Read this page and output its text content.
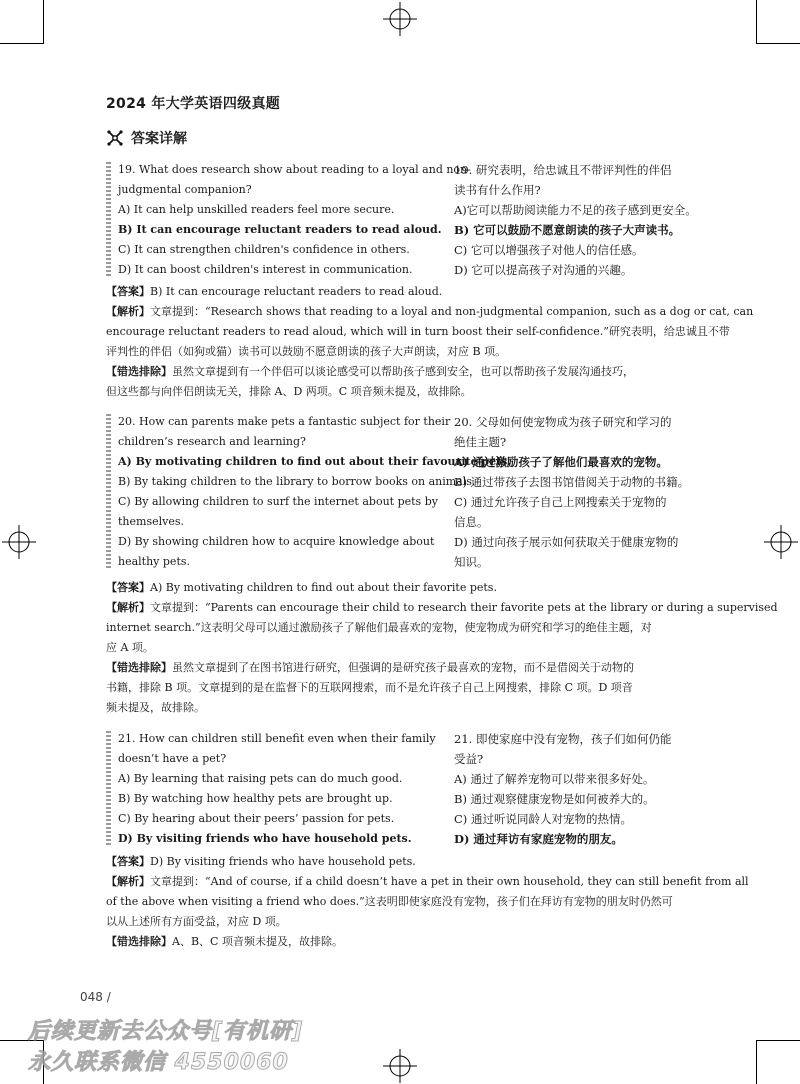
2024 年大学英语四级真题
答案详解
19. What does research show about reading to a loyal and non-
judgmental companion?
A) It can help unskilled readers feel more secure.
B) It can encourage reluctant readers to read aloud.
C) It can strengthen children's confidence in others.
D) It can boost children's interest in communication.
19. 研究表明，给忠诚且不带评判性的伴侣
读书有什么作用?
A)它可以帮助阅读能力不足的孩子感到更安全。
B) 它可以鼓励不愿意朗读的孩子大声读书。
C) 它可以增强孩子对他人的信任感。
D) 它可以提高孩子对沟通的兴趣。
【答案】B) It can encourage reluctant readers to read aloud.
【解析】文章提到：“Research shows that reading to a loyal and non-judgmental companion, such as a dog or cat, can
encourage reluctant readers to read aloud, which will in turn boost their self-confidence.”研究表明，给忠诚且不带
评判性的伴侣（如狗或猫）读书可以鼓励不愿意朗读的孩子大声朗读，对应 B 项。
【错选排除】虽然文章提到有一个伴侣可以谈论感受可以帮助孩子感到安全，也可以帮助孩子发展沟通技巧，
但这些都与向伴侣朗读无关，排除 A、D 两项。C 项音频未提及，故排除。
20. How can parents make pets a fantastic subject for their
children’s research and learning?
A) By motivating children to find out about their favourite pets.
B) By taking children to the library to borrow books on animals.
C) By allowing children to surf the internet about pets by
themselves.
D) By showing children how to acquire knowledge about
healthy pets.
20. 父母如何使宠物成为孩子研究和学习的
绝佳主题?
A) 通过激励孩子了解他们最喜欢的宠物。
B) 通过带孩子去图书馆借阅关于动物的书籍。
C) 通过允许孩子自己上网搜索关于宠物的
信息。
D) 通过向孩子展示如何获取关于健康宠物的
知识。
【答案】A) By motivating children to find out about their favorite pets.
【解析】文章提到：“Parents can encourage their child to research their favorite pets at the library or during a supervised
internet search.”这表明父母可以通过激励孩子了解他们最喜欢的宠物，使宠物成为研究和学习的绝佳主题，对
应 A 项。
【错选排除】虽然文章提到了在图书馆进行研究，但强调的是研究孩子最喜欢的宠物，而不是借阅关于动物的
书籍，排除 B 项。文章提到的是在监督下的互联网搜索，而不是允许孩子自己上网搜索，排除 C 项。D 项音
频未提及，故排除。
21. How can children still benefit even when their family
doesn’t have a pet?
A) By learning that raising pets can do much good.
B) By watching how healthy pets are brought up.
C) By hearing about their peers’ passion for pets.
D) By visiting friends who have household pets.
21. 即使家庭中没有宠物，孩子们如何仍能
受益?
A) 通过了解养宠物可以带来很多好处。
B) 通过观察健康宠物是如何被养大的。
C) 通过听说同龄人对宠物的热情。
D) 通过拜访有家庭宠物的朋友。
【答案】D) By visiting friends who have household pets.
【解析】文章提到：“And of course, if a child doesn’t have a pet in their own household, they can still benefit from all
of the above when visiting a friend who does.”这表明即使家庭没有宠物，孩子们在拜访有宠物的朋友时仍然可
以从上述所有方面受益，对应 D 项。
【错选排除】A、B、C 项音频未提及，故排除。
048 /
后续更新去公众号[有机研]
永久联系微信 4550060
